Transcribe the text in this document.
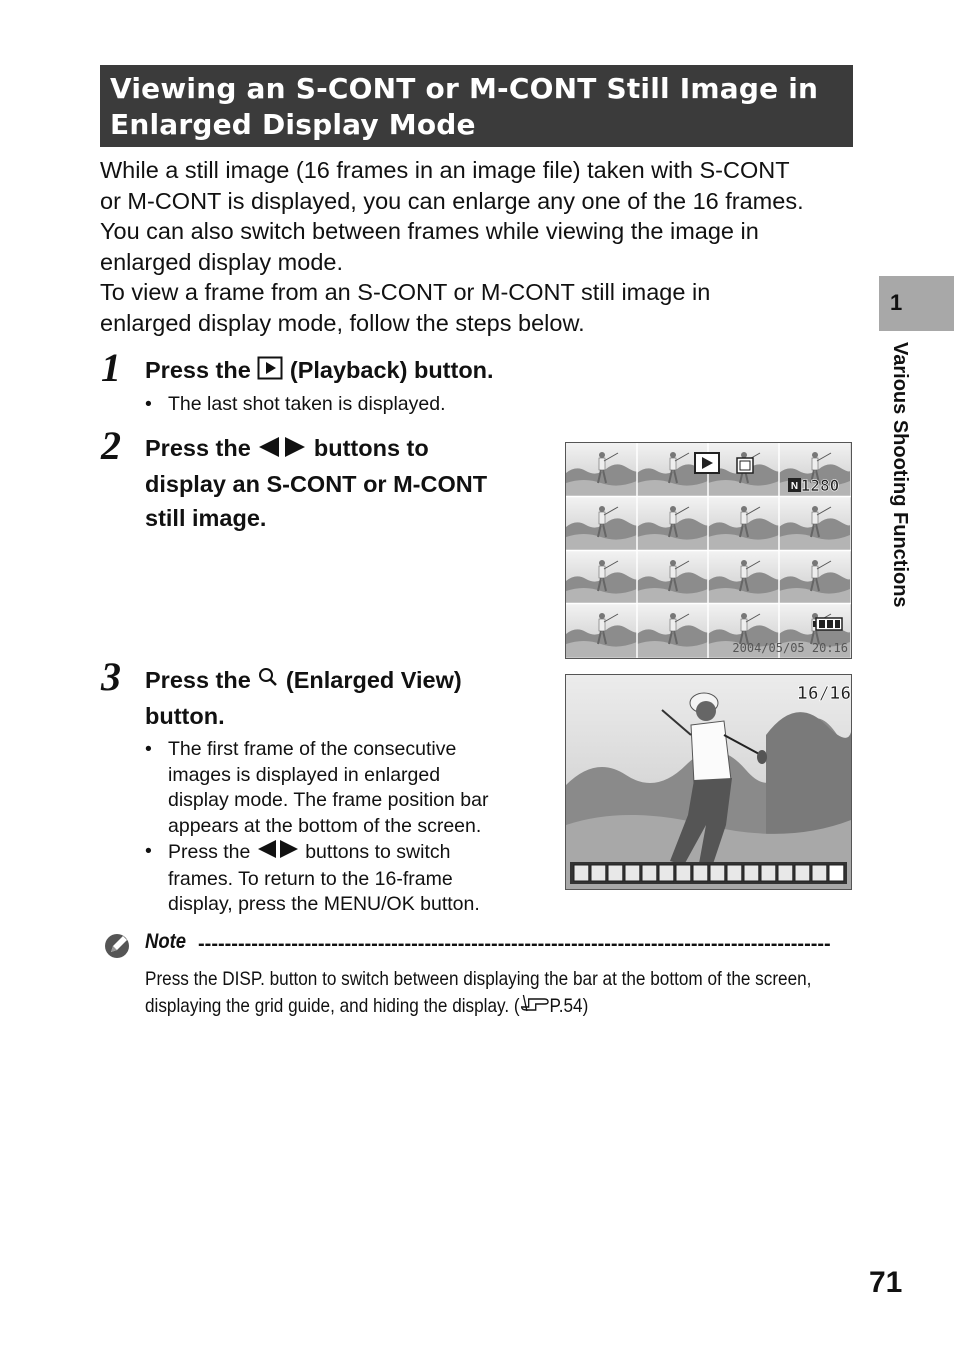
Viewing an S-CONT or M-CONT Still Image in
Enlarged Display Mode

While a still image (16 frames in an image file) taken with S-CONT

or M-CONT is displayed, you can enlarge any one of the 16 frames.

You can also switch between frames while viewing the image in

enlarged display mode.

To view a frame from an S-CONT or M-CONT still image in

enlarged display mode, follow the steps below.

1 Press the  (Playback) button.

• The last shot taken is displayed.
2 Press the  buttons to
display an S-CONT or M-CONT
still image.

N 1280
2004/05/05 20:16
3 Press the  (Enlarged View)
button.

• The first frame of the consecutive
images is displayed in enlarged
display mode. The frame position bar
appears at the bottom of the screen.
• Press the  buttons to switch
frames. To return to the 16-frame
display, press the MENU/OK button.
16/16
1
Various Shooting Functions
Note -----------------------------------------------------------------------------------------------

Press the DISP. button to switch between displaying the bar at the bottom of the screen,
displaying the grid guide, and hiding the display. ( P.54)

71
